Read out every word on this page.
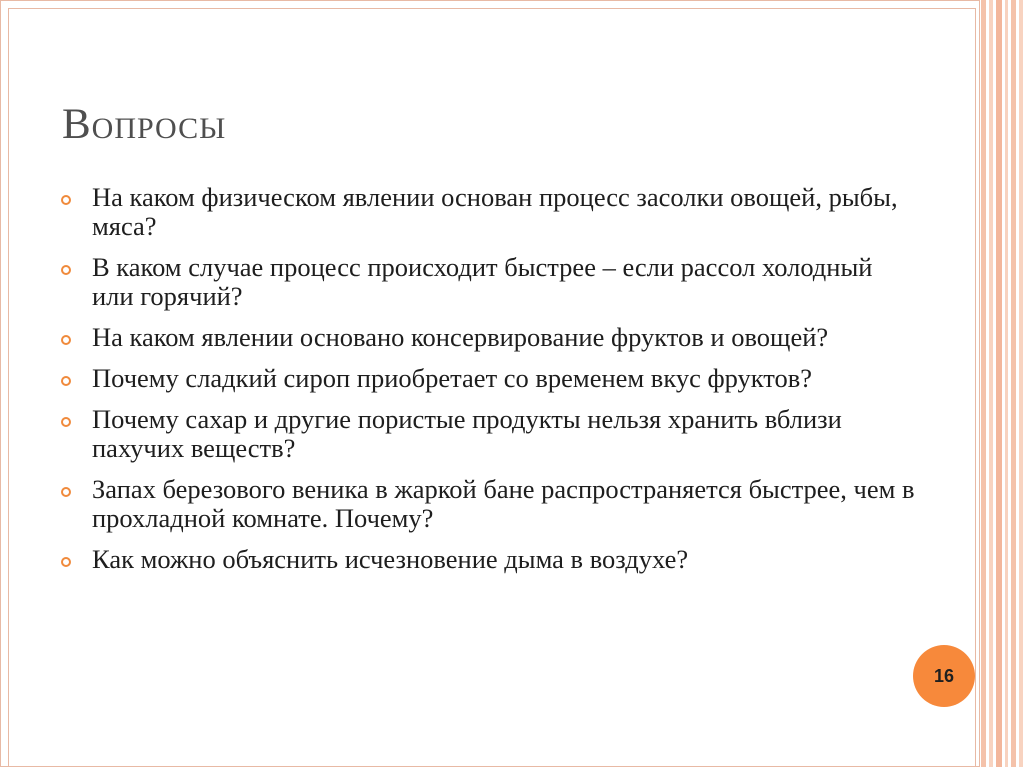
Вопросы
На каком физическом явлении основан процесс засолки овощей, рыбы, мяса?
В каком случае процесс происходит быстрее – если рассол холодный или горячий?
На каком явлении основано консервирование фруктов и овощей?
Почему сладкий сироп приобретает со временем вкус фруктов?
Почему сахар и другие пористые продукты нельзя хранить вблизи пахучих веществ?
Запах березового веника в жаркой бане распространяется быстрее, чем в прохладной комнате. Почему?
Как можно объяснить исчезновение дыма в воздухе?
16
